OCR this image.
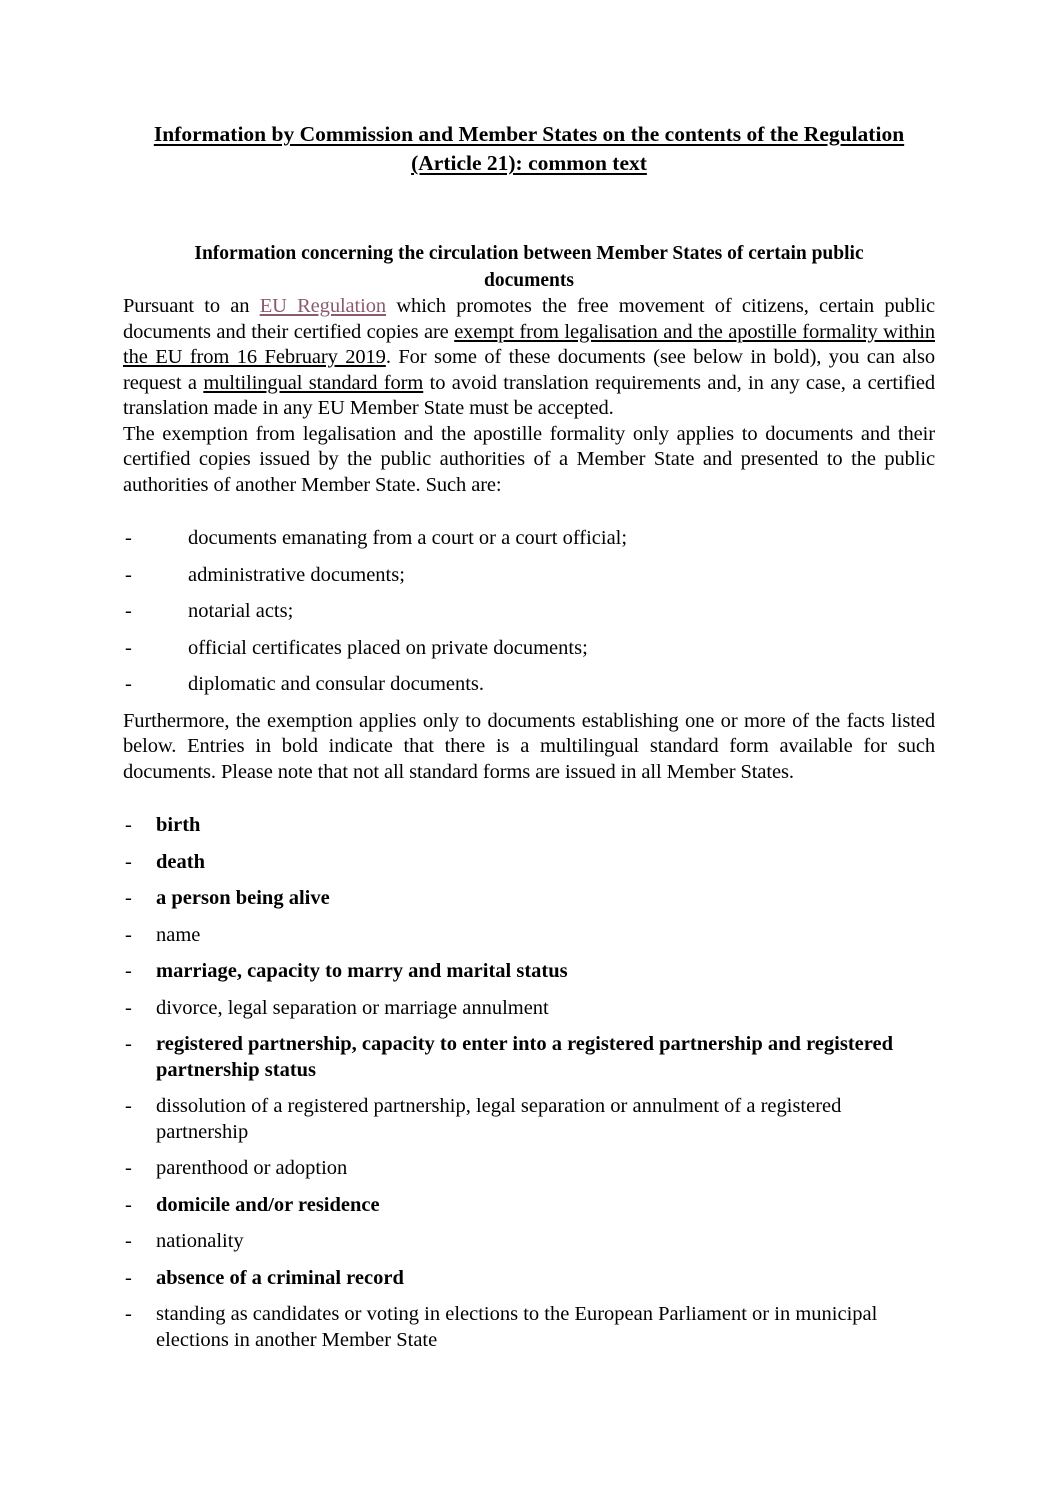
Information by Commission and Member States on the contents of the Regulation
(Article 21): common text
Information concerning the circulation between Member States of certain public documents

Pursuant to an EU Regulation which promotes the free movement of citizens, certain public documents and their certified copies are exempt from legalisation and the apostille formality within the EU from 16 February 2019. For some of these documents (see below in bold), you can also request a multilingual standard form to avoid translation requirements and, in any case, a certified translation made in any EU Member State must be accepted.

The exemption from legalisation and the apostille formality only applies to documents and their certified copies issued by the public authorities of a Member State and presented to the public authorities of another Member State. Such are:

-	documents emanating from a court or a court official;
-	administrative documents;
-	notarial acts;
-	official certificates placed on private documents;
-	diplomatic and consular documents.

Furthermore, the exemption applies only to documents establishing one or more of the facts listed below. Entries in bold indicate that there is a multilingual standard form available for such documents. Please note that not all standard forms are issued in all Member States.

- birth
- death
- a person being alive
- name
- marriage, capacity to marry and marital status
- divorce, legal separation or marriage annulment
- registered partnership, capacity to enter into a registered partnership and registered partnership status
- dissolution of a registered partnership, legal separation or annulment of a registered partnership
- parenthood or adoption
- domicile and/or residence
- nationality
- absence of a criminal record
- standing as candidates or voting in elections to the European Parliament or in municipal elections in another Member State
